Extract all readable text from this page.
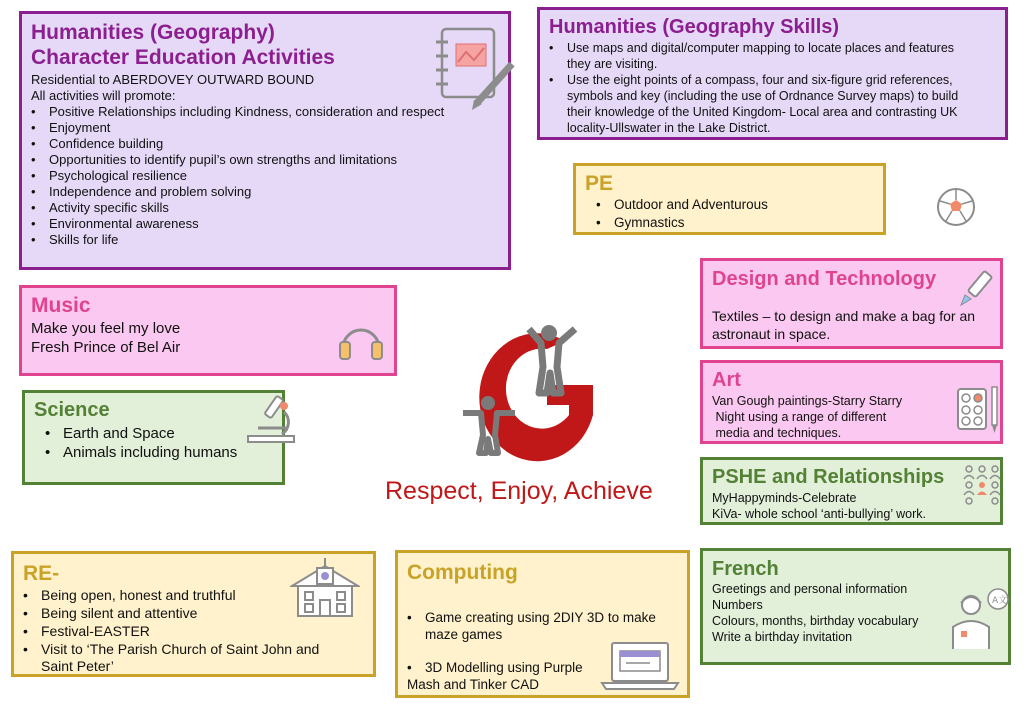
Humanities (Geography)
Character Education Activities
Residential to ABERDOVEY OUTWARD BOUND
All activities will promote:
• Positive Relationships including Kindness, consideration and respect
• Enjoyment
• Confidence building
• Opportunities to identify pupil’s own strengths and limitations
• Psychological resilience
• Independence and problem solving
• Activity specific skills
• Environmental awareness
• Skills for life
Humanities (Geography Skills)
• Use maps and digital/computer mapping to locate places and features
they are visiting.
• Use the eight points of a compass, four and six-figure grid references,
symbols and key (including the use of Ordnance Survey maps) to build
their knowledge of the United Kingdom- Local area and contrasting UK
locality-Ullswater in the Lake District.
PE
• Outdoor and Adventurous
• Gymnastics
Music
Make you feel my love
Fresh Prince of Bel Air
Design and Technology
Textiles – to design and make a bag for an
astronaut in space.
Science
• Earth and Space
• Animals including humans
Art
Van Gough paintings-Starry Starry
Night using a range of different
media and techniques.
Respect, Enjoy, Achieve	PSHE and Relationships
MyHappyminds-Celebrate
KiVa- whole school ‘anti-bullying’ work.
RE-
• Being open, honest and truthful
• Being silent and attentive
• Festival-EASTER
• Visit to ‘The Parish Church of Saint John and
Saint Peter’
Computing
• Game creating using 2DIY 3D to make
maze games
• 3D Modelling using Purple
Mash and Tinker CAD
French
Greetings and personal information
Numbers
Colours, months, birthday vocabulary
Write a birthday invitation
A文
